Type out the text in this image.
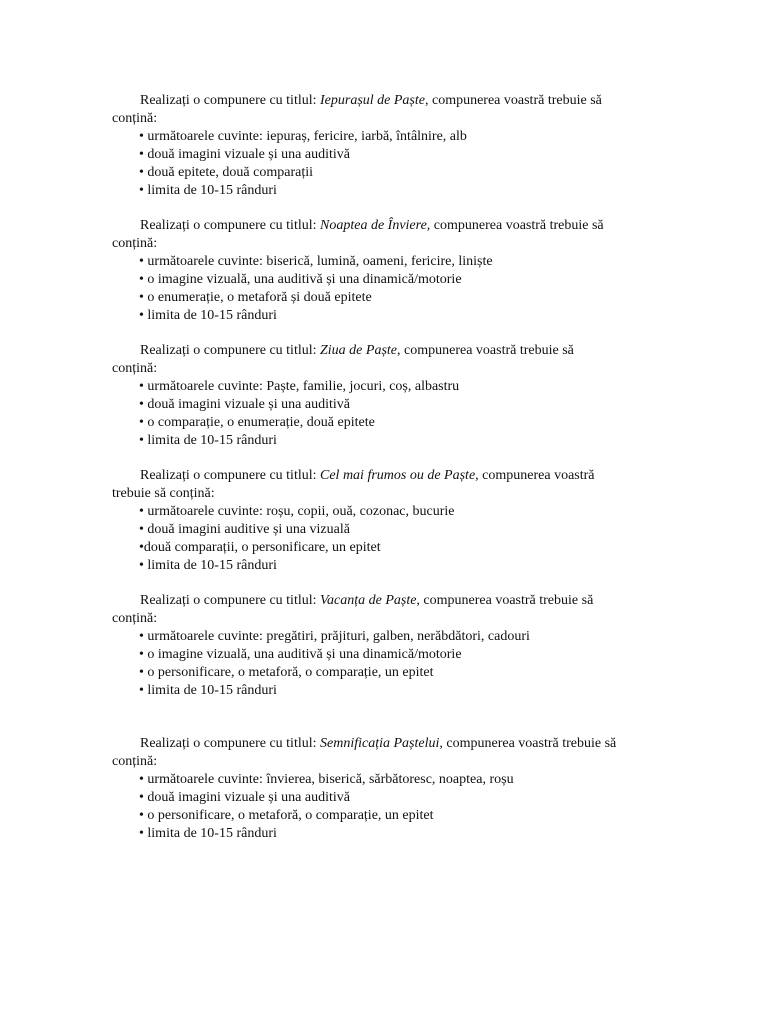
Realizați o compunere cu titlul: Iepurașul de Paște, compunerea voastră trebuie să
conțină:
• următoarele cuvinte: iepuraș, fericire, iarbă, întâlnire, alb
• două imagini vizuale și una auditivă
• două epitete, două comparații
• limita de 10-15 rânduri
Realizați o compunere cu titlul: Noaptea de Înviere, compunerea voastră trebuie să
conțină:
• următoarele cuvinte: biserică, lumină, oameni, fericire, liniște
• o imagine vizuală, una auditivă și una dinamică/motorie
• o enumerație, o metaforă și două epitete
• limita de 10-15 rânduri
Realizați o compunere cu titlul: Ziua de Paște, compunerea voastră trebuie să
conțină:
• următoarele cuvinte: Paște, familie, jocuri, coș, albastru
• două imagini vizuale și una auditivă
• o comparație, o enumerație, două epitete
• limita de 10-15 rânduri
Realizați o compunere cu titlul: Cel mai frumos ou de Paște, compunerea voastră
trebuie să conțină:
• următoarele cuvinte: roșu, copii, ouă, cozonac, bucurie
• două imagini auditive și una vizuală
•două comparații, o personificare, un epitet
• limita de 10-15 rânduri
Realizați o compunere cu titlul: Vacanța de Paște, compunerea voastră trebuie să
conțină:
• următoarele cuvinte: pregătiri, prăjituri, galben, nerăbdători, cadouri
• o imagine vizuală, una auditivă și una dinamică/motorie
• o personificare, o metaforă, o comparație, un epitet
• limita de 10-15 rânduri
Realizați o compunere cu titlul: Semnificația Paștelui, compunerea voastră trebuie să
conțină:
• următoarele cuvinte: învierea, biserică, sărbătoresc, noaptea, roșu
• două imagini vizuale și una auditivă
• o personificare, o metaforă, o comparație, un epitet
• limita de 10-15 rânduri
